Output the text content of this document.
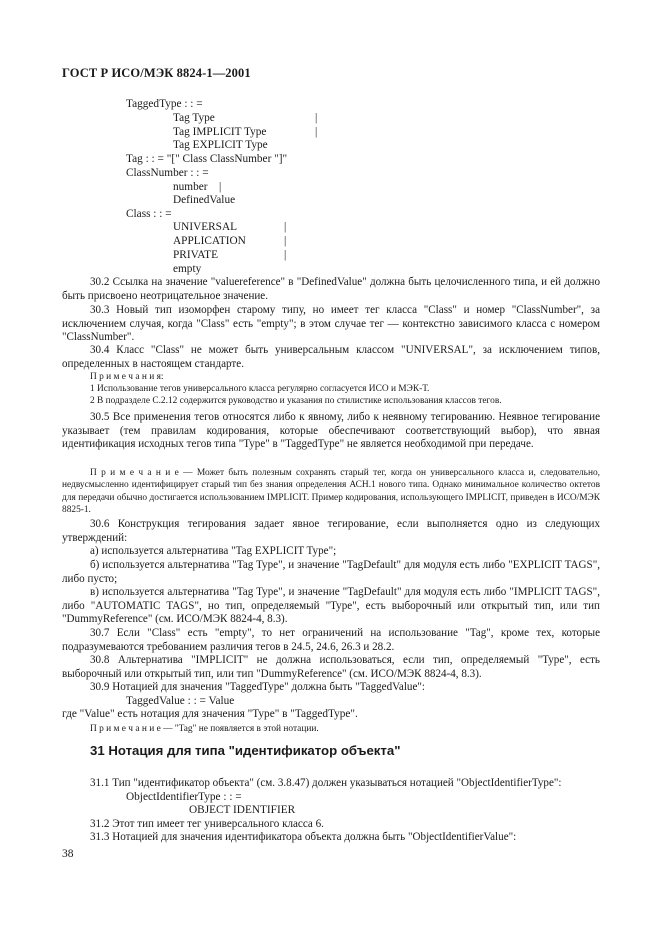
ГОСТ Р ИСО/МЭК 8824-1—2001
TaggedType : : =
Tag Type	|
Tag IMPLICIT Type	|
Tag EXPLICIT Type
Tag : : = "[" Class ClassNumber "]"
ClassNumber : : =
number |
DefinedValue
Class : : =
UNIVERSAL	|
APPLICATION	|
PRIVATE	|
empty
30.2 Ссылка на значение "valuereference" в "DefinedValue" должна быть целочисленного типа, и ей должно быть присвоено неотрицательное значение.
30.3 Новый тип изоморфен старому типу, но имеет тег класса "Class" и номер "ClassNumber", за исключением случая, когда "Class" есть "empty"; в этом случае тег — контекстно зависимого класса с номером "ClassNumber".
30.4 Класс "Class" не может быть универсальным классом "UNIVERSAL", за исключением типов, определенных в настоящем стандарте.
П р и м е ч а н и я:
1 Использование тегов универсального класса регулярно согласуется ИСО и МЭК-Т.
2 В подразделе С.2.12 содержится руководство и указания по стилистике использования классов тегов.
30.5 Все применения тегов относятся либо к явному, либо к неявному тегированию. Неявное тегирование указывает (тем правилам кодирования, которые обеспечивают соответствующий выбор), что явная идентификация исходных тегов типа "Type" в "TaggedType" не является необходимой при передаче.
П р и м е ч а н и е — Может быть полезным сохранять старый тег, когда он универсального класса и, следовательно, недвусмысленно идентифицирует старый тип без знания определения АСН.1 нового типа. Однако минимальное количество октетов для передачи обычно достигается использованием IMPLICIT. Пример кодирования, использующего IMPLICIT, приведен в ИСО/МЭК 8825-1.
30.6 Конструкция тегирования задает явное тегирование, если выполняется одно из следующих утверждений:
а) используется альтернатива "Tag EXPLICIT Type";
б) используется альтернатива "Tag Type", и значение "TagDefault" для модуля есть либо "EXPLICIT TAGS", либо пусто;
в) используется альтернатива "Tag Type", и значение "TagDefault" для модуля есть либо "IMPLICIT TAGS", либо "AUTOMATIC TAGS", но тип, определяемый "Type", есть выборочный или открытый тип, или тип "DummyReference" (см. ИСО/МЭК 8824-4, 8.3).
30.7 Если "Class" есть "empty", то нет ограничений на использование "Tag", кроме тех, которые подразумеваются требованием различия тегов в 24.5, 24.6, 26.3 и 28.2.
30.8 Альтернатива "IMPLICIT" не должна использоваться, если тип, определяемый "Type", есть выборочный или открытый тип, или тип "DummyReference" (см. ИСО/МЭК 8824-4, 8.3).
30.9 Нотацией для значения "TaggedType" должна быть "TaggedValue":
TaggedValue : : = Value
где "Value" есть нотация для значения "Type" в "TaggedType".
П р и м е ч а н и е — "Tag" не появляется в этой нотации.
31 Нотация для типа "идентификатор объекта"
31.1 Тип "идентификатор объекта" (см. 3.8.47) должен указываться нотацией "ObjectIdentifierType":
ObjectIdentifierType : : =
OBJECT IDENTIFIER
31.2 Этот тип имеет тег универсального класса 6.
31.3 Нотацией для значения идентификатора объекта должна быть "ObjectIdentifierValue":
38
